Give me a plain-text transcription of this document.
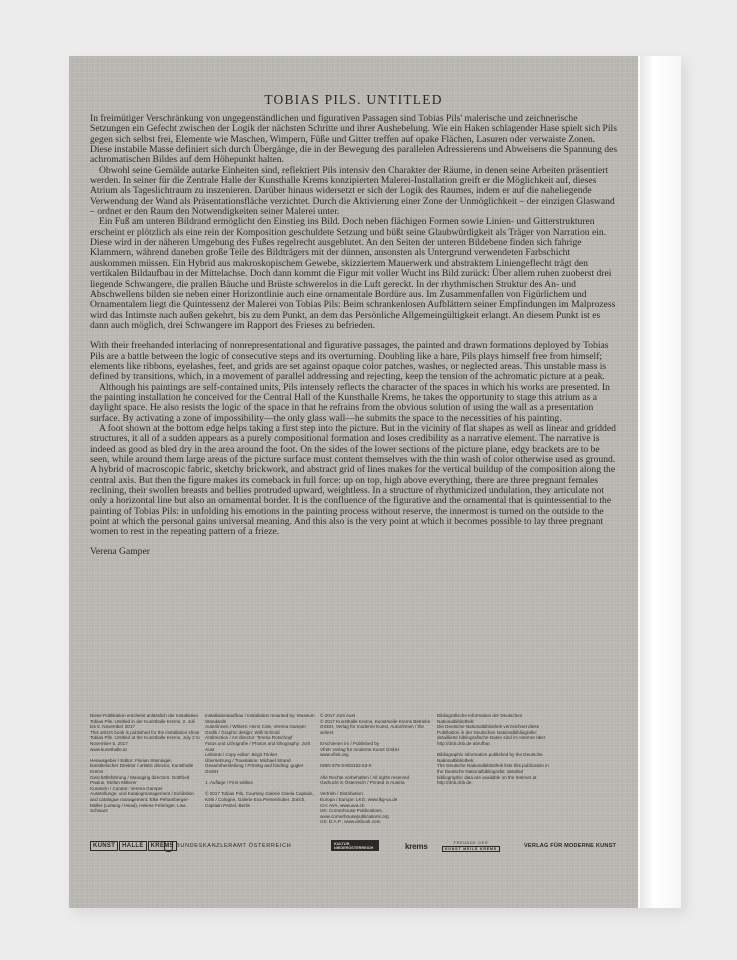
TOBIAS PILS. UNTITLED

In freimütiger Verschränkung von ungegenständlichen und figurativen Passagen sind Tobias Pils' malerische und zeichnerische Setzungen ein Gefecht zwischen der Logik der nächsten Schritte und ihrer Aushebelung. Wie ein Haken schlagender Hase spielt sich Pils gegen sich selbst frei, Elemente wie Maschen, Wimpern, Füße und Gitter treffen auf opake Flächen, Lasuren oder verwaiste Zonen. Diese instabile Masse definiert sich durch Übergänge, die in der Bewegung des parallelen Adressierens und Abweisens die Spannung des achromatischen Bildes auf dem Höhepunkt halten.

Obwohl seine Gemälde autarke Einheiten sind, reflektiert Pils intensiv den Charakter der Räume, in denen seine Arbeiten präsentiert werden. In seiner für die Zentrale Halle der Kunsthalle Krems konzipierten Malerei-Installation greift er die Möglichkeit auf, dieses Atrium als Tageslichtraum zu inszenieren. Darüber hinaus widersetzt er sich der Logik des Raumes, indem er auf die naheliegende Verwendung der Wand als Präsentationsfläche verzichtet. Durch die Aktivierung einer Zone der Unmöglichkeit – der einzigen Glaswand – ordnet er den Raum den Notwendigkeiten seiner Malerei unter.

Ein Fuß am unteren Bildrand ermöglicht den Einstieg ins Bild. Doch neben flächigen Formen sowie Linien- und Gitterstrukturen erscheint er plötzlich als eine rein der Komposition geschuldete Setzung und büßt seine Glaubwürdigkeit als Träger von Narration ein. Diese wird in der näheren Umgebung des Fußes regelrecht ausgeblutet. An den Seiten der unteren Bildebene finden sich fahrige Klammern, während daneben große Teile des Bildträgers mit der dünnen, ansonsten als Untergrund verwendeten Farbschicht auskommen müssen. Ein Hybrid aus makroskopischem Gewebe, skizziertem Mauerwerk und abstraktem Liniengeflecht trägt den vertikalen Bildaufbau in der Mittelachse. Doch dann kommt die Figur mit voller Wucht ins Bild zurück: Über allem ruhen zuoberst drei liegende Schwangere, die prallen Bäuche und Brüste schwerelos in die Luft gereckt. In der rhythmischen Struktur des An- und Abschwellens bilden sie neben einer Horizontlinie auch eine ornamentale Bordüre aus. Im Zusammenfallen von Figürlichem und Ornamentalem liegt die Quintessenz der Malerei von Tobias Pils: Beim schrankenlosen Aufblättern seiner Empfindungen im Malprozess wird das Intimste nach außen gekehrt, bis zu dem Punkt, an dem das Persönliche Allgemeingültigkeit erlangt. An diesem Punkt ist es dann auch möglich, drei Schwangere im Rapport des Frieses zu befrieden.

With their freehanded interlacing of nonrepresentational and figurative passages, the painted and drawn formations deployed by Tobias Pils are a battle between the logic of consecutive steps and its overturning. Doubling like a hare, Pils plays himself free from himself; elements like ribbons, eyelashes, feet, and grids are set against opaque color patches, washes, or neglected areas. This unstable mass is defined by transitions, which, in a movement of parallel addressing and rejecting, keep the tension of the achromatic picture at a peak.

Although his paintings are self-contained units, Pils intensely reflects the character of the spaces in which his works are presented. In the painting installation he conceived for the Central Hall of the Kunsthalle Krems, he takes the opportunity to stage this atrium as a daylight space. He also resists the logic of the space in that he refrains from the obvious solution of using the wall as a presentation surface. By activating a zone of impossibility—the only glass wall—he submits the space to the necessities of his painting.

A foot shown at the bottom edge helps taking a first step into the picture. But in the vicinity of flat shapes as well as linear and gridded structures, it all of a sudden appears as a purely compositional formation and loses credibility as a narrative element. The narrative is indeed as good as bled dry in the area around the foot. On the sides of the lower sections of the picture plane, edgy brackets are to be seen, while around them large areas of the picture surface must content themselves with the thin wash of color otherwise used as ground. A hybrid of macroscopic fabric, sketchy brickwork, and abstract grid of lines makes for the vertical buildup of the composition along the central axis. But then the figure makes its comeback in full force: up on top, high above everything, there are three pregnant females reclining, their swollen breasts and bellies protruded upward, weightless. In a structure of rhythmicized undulation, they articulate not only a horizontal line but also an ornamental border. It is the confluence of the figurative and the ornamental that is quintessential to the painting of Tobias Pils: in unfolding his emotions in the painting process without reserve, the innermost is turned on the outside to the point at which the personal gains universal meaning. And this also is the very point at which it becomes possible to lay three pregnant women to rest in the repeating pattern of a frieze.

Verena Gamper

Diese Publikation erscheint anlässlich der Installation Tobias Pils. Untitled in der Kunsthalle Krems, 2. Juli bis 5. November 2017
This artist's book is published for the installation show Tobias Pils. Untitled at the Kunsthalle Krems, July 2 to November 5, 2017
www.kunsthalle.at

Herausgeber / Editor: Florian Steininger, künstlerischer Direktor / artistic director, Kunsthalle Krems
Geschäftsführung / Managing directors: Gottfried Paulus, Stefan Mitterer
Kuratorin / Curator: Verena Gamper
Ausstellungs- und Katalogmanagement / Exhibition and catalogue management: Elke Pehamberger-Müller (Leitung / Head), Helene Fehringer, Lisa Schwarz
Installationsaufbau / Installation mounted by: Museum Standards
Autor/innen / Writers: Henri Cole, Verena Gamper
Grafik / Graphic design: Willi Schmid
Artdirection / Art director: Teresa Rotschopf
Fotos und Lithografie / Photos and lithography: Jorit Aust
Lektorat / Copy editor: Birgit Trinker
Übersetzung / Translation: Michael Strand
Gesamtherstellung / Printing and binding: gugler GmbH

1. Auflage / First edition

© 2017 Tobias Pils, Courtesy Galerie Gisela Capitain, Köln / Cologne, Galerie Eva Presenhuber, Zürich, Capitain Petzel, Berlin
© 2017 Jorit Aust
© 2017 Kunsthalle Krems, Kunstmeile Krems Betriebs GmbH, Verlag für moderne Kunst, Autor/innen / the writers

Erschienen im / Published by
VfmK Verlag für moderne Kunst GmbH
www.vfmk.org

ISBN 978-3-903153-53-0

Alle Rechte vorbehalten / All rights reserved
Gedruckt in Österreich / Printed in Austria

Vertrieb / Distribution:
Europa / Europe: LKG, www.lkg-va.de
CH: AVA, www.ava.ch
UK: Cornerhouse Publications, www.cornerhousepublications.org
US: D.A.P., www.artbook.com
Bibliografische Information der Deutschen Nationalbibliothek:
Die Deutsche Nationalbibliothek verzeichnet diese Publikation in der Deutschen Nationalbibliografie; detaillierte bibliografische Daten sind im Internet über http://dnb.dnb.de abrufbar.

Bibliographic information published by the Deutsche Nationalbibliothek:
The Deutsche Nationalbibliothek lists this publication in the Deutsche Nationalbibliografie; detailed bibliographic data are available on the Internet at http://dnb.dnb.de.
KUNST	HALLE	KREMS BUNDESKANZLERAMT ÖSTERREICH	KULTUR
NIEDERÖSTERREICH	krems	FREUNDE DER
KUNST MEILE KREMS	VERLAG FÜR MODERNE KUNST
